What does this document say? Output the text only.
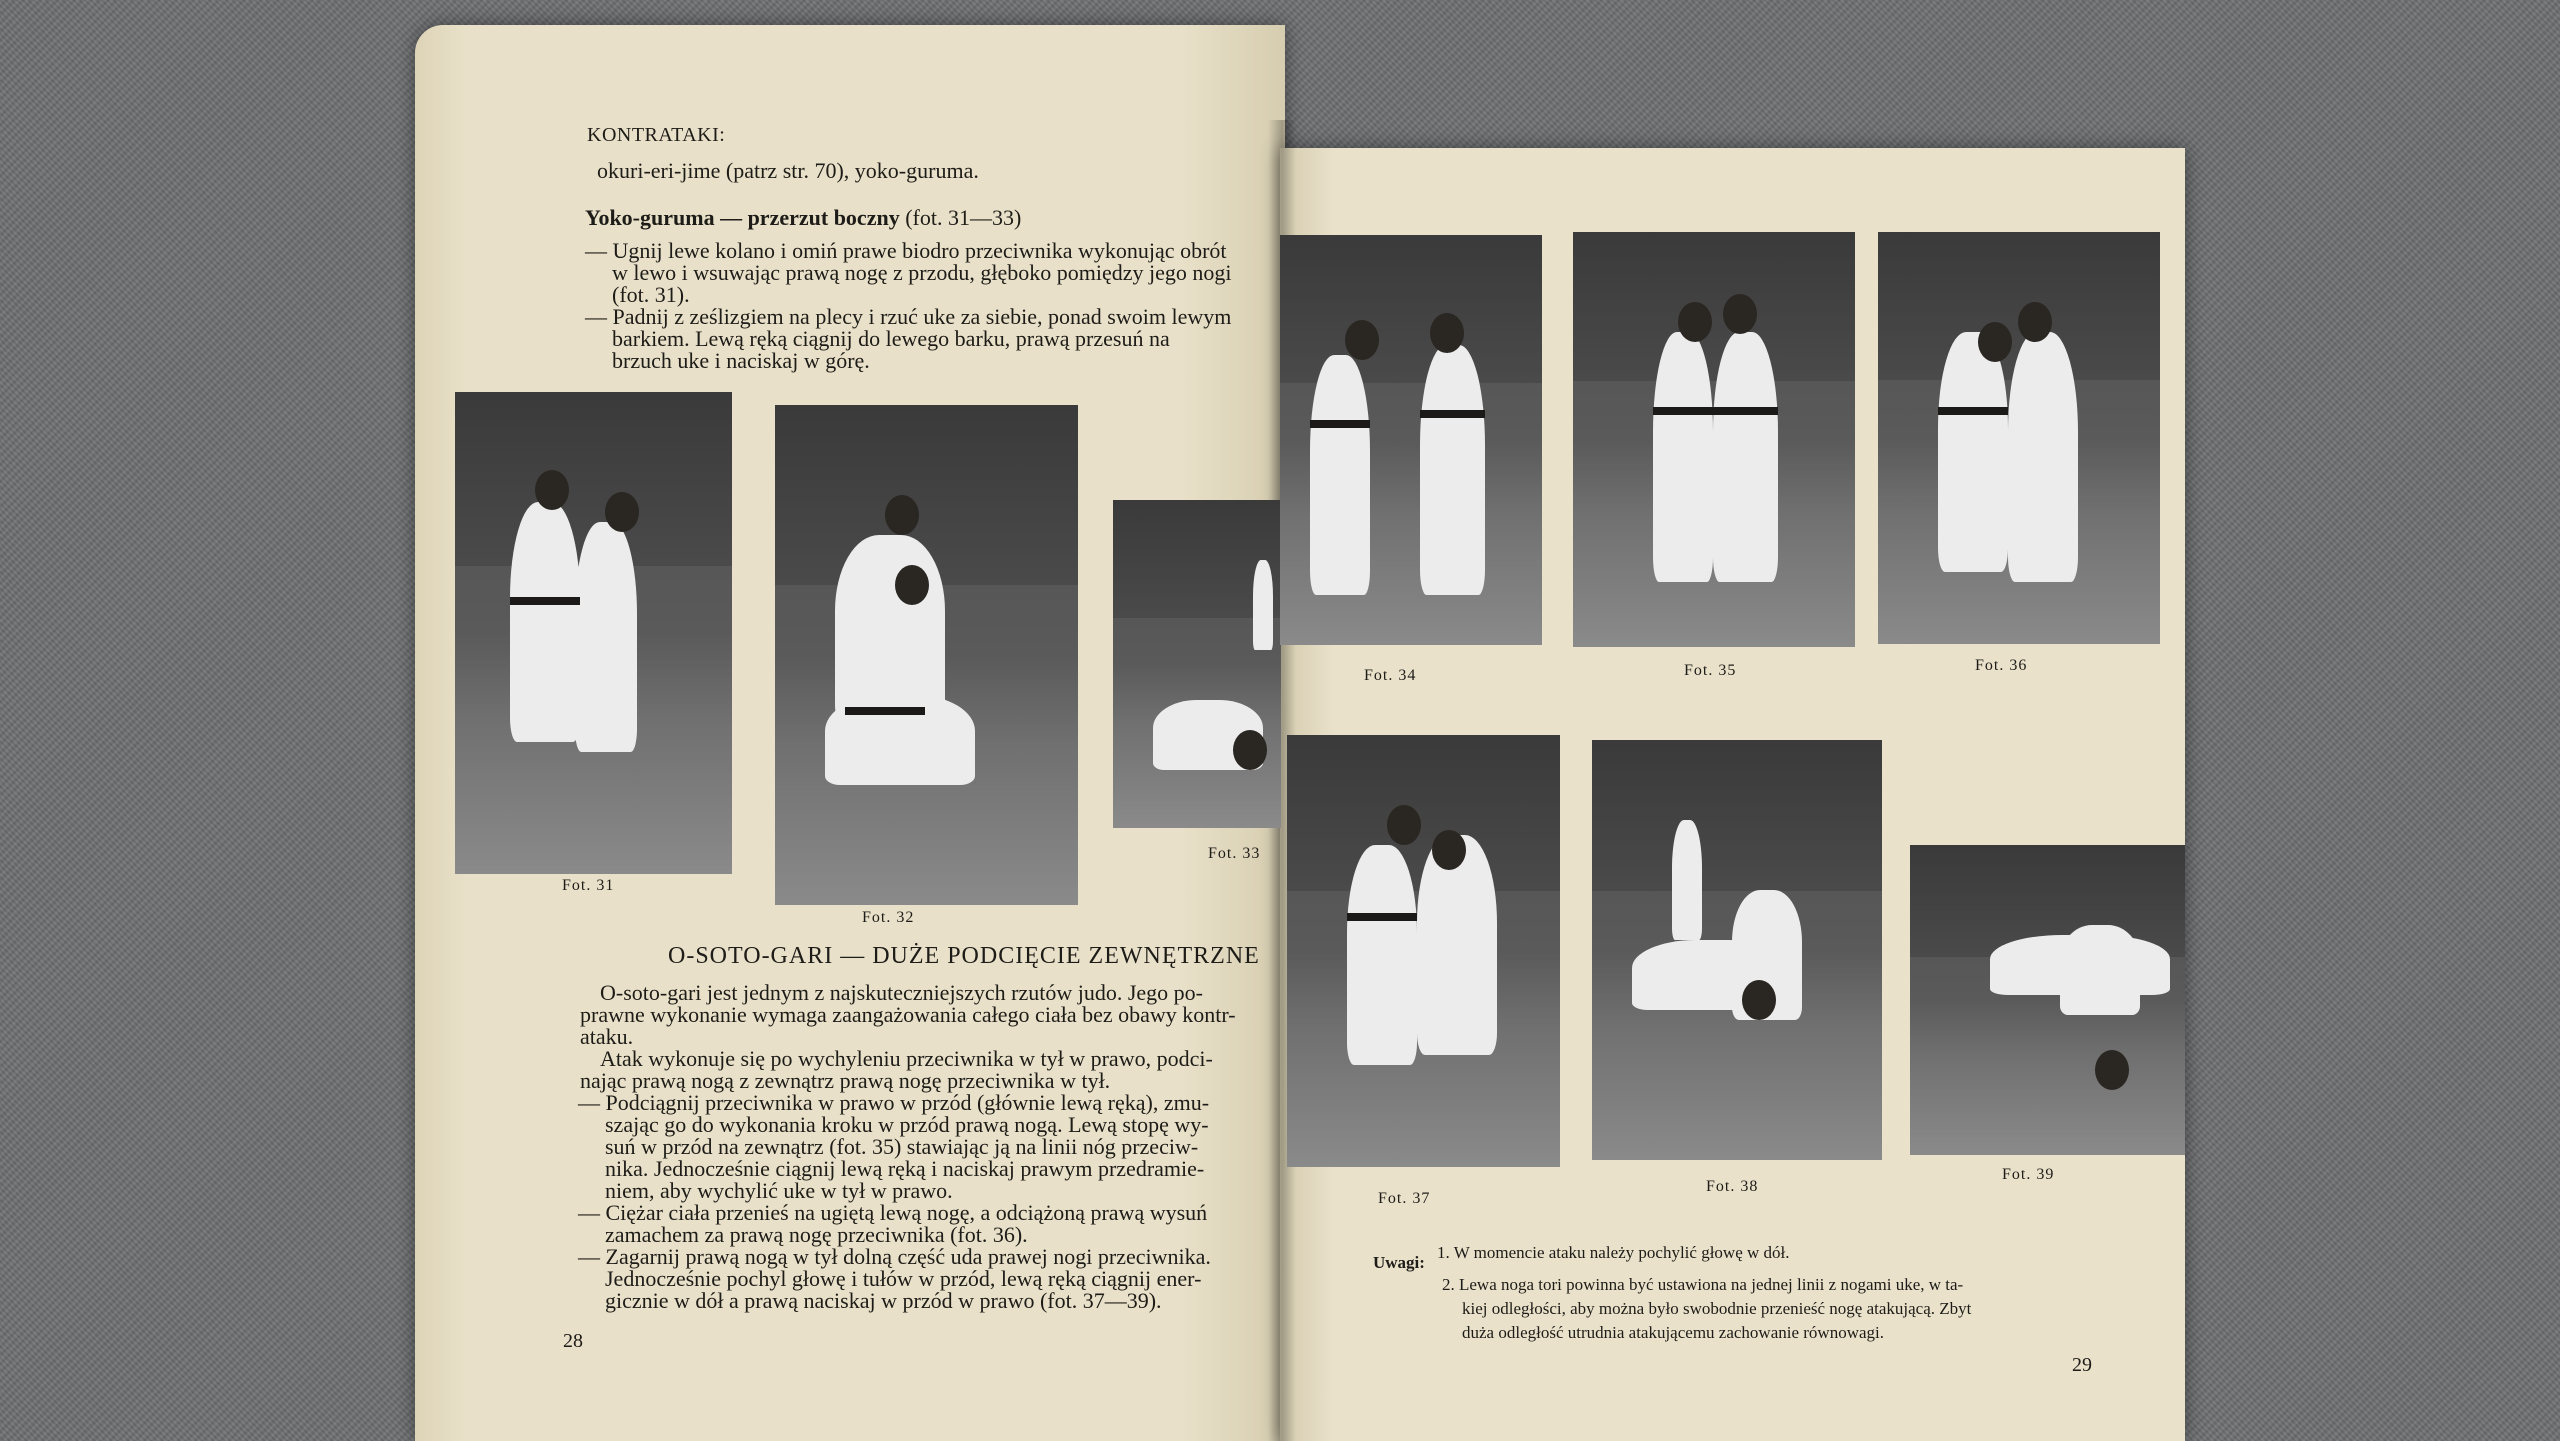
KONTRATAKI:
okuri-eri-jime (patrz str. 70), yoko-guruma.
Yoko-guruma — przerzut boczny (fot. 31—33)
— Ugnij lewe kolano i omiń prawe biodro przeciwnika wykonując obrót
w lewo i wsuwając prawą nogę z przodu, głęboko pomiędzy jego nogi
(fot. 31).
— Padnij z ześlizgiem na plecy i rzuć uke za siebie, ponad swoim lewym
barkiem. Lewą ręką ciągnij do lewego barku, prawą przesuń na
brzuch uke i naciskaj w górę.
Fot. 31
Fot. 32
Fot. 33
O-SOTO-GARI — DUŻE PODCIĘCIE ZEWNĘTRZNE
O-soto-gari jest jednym z najskuteczniejszych rzutów judo. Jego po-
prawne wykonanie wymaga zaangażowania całego ciała bez obawy kontr-
ataku.
Atak wykonuje się po wychyleniu przeciwnika w tył w prawo, podci-
nając prawą nogą z zewnątrz prawą nogę przeciwnika w tył.
— Podciągnij przeciwnika w prawo w przód (głównie lewą ręką), zmu-
szając go do wykonania kroku w przód prawą nogą. Lewą stopę wy-
suń w przód na zewnątrz (fot. 35) stawiając ją na linii nóg przeciw-
nika. Jednocześnie ciągnij lewą ręką i naciskaj prawym przedramie-
niem, aby wychylić uke w tył w prawo.
— Ciężar ciała przenieś na ugiętą lewą nogę, a odciążoną prawą wysuń
zamachem za prawą nogę przeciwnika (fot. 36).
— Zagarnij prawą nogą w tył dolną część uda prawej nogi przeciwnika.
Jednocześnie pochyl głowę i tułów w przód, lewą ręką ciągnij ener-
gicznie w dół a prawą naciskaj w przód w prawo (fot. 37—39).
28
Fot. 34	Fot. 35	Fot. 36
Fot. 37
Fot. 38
Fot. 39
Uwagi:
1. W momencie ataku należy pochylić głowę w dół.
2. Lewa noga tori powinna być ustawiona na jednej linii z nogami uke, w ta-
kiej odległości, aby można było swobodnie przenieść nogę atakującą. Zbyt
duża odległość utrudnia atakującemu zachowanie równowagi.
29
